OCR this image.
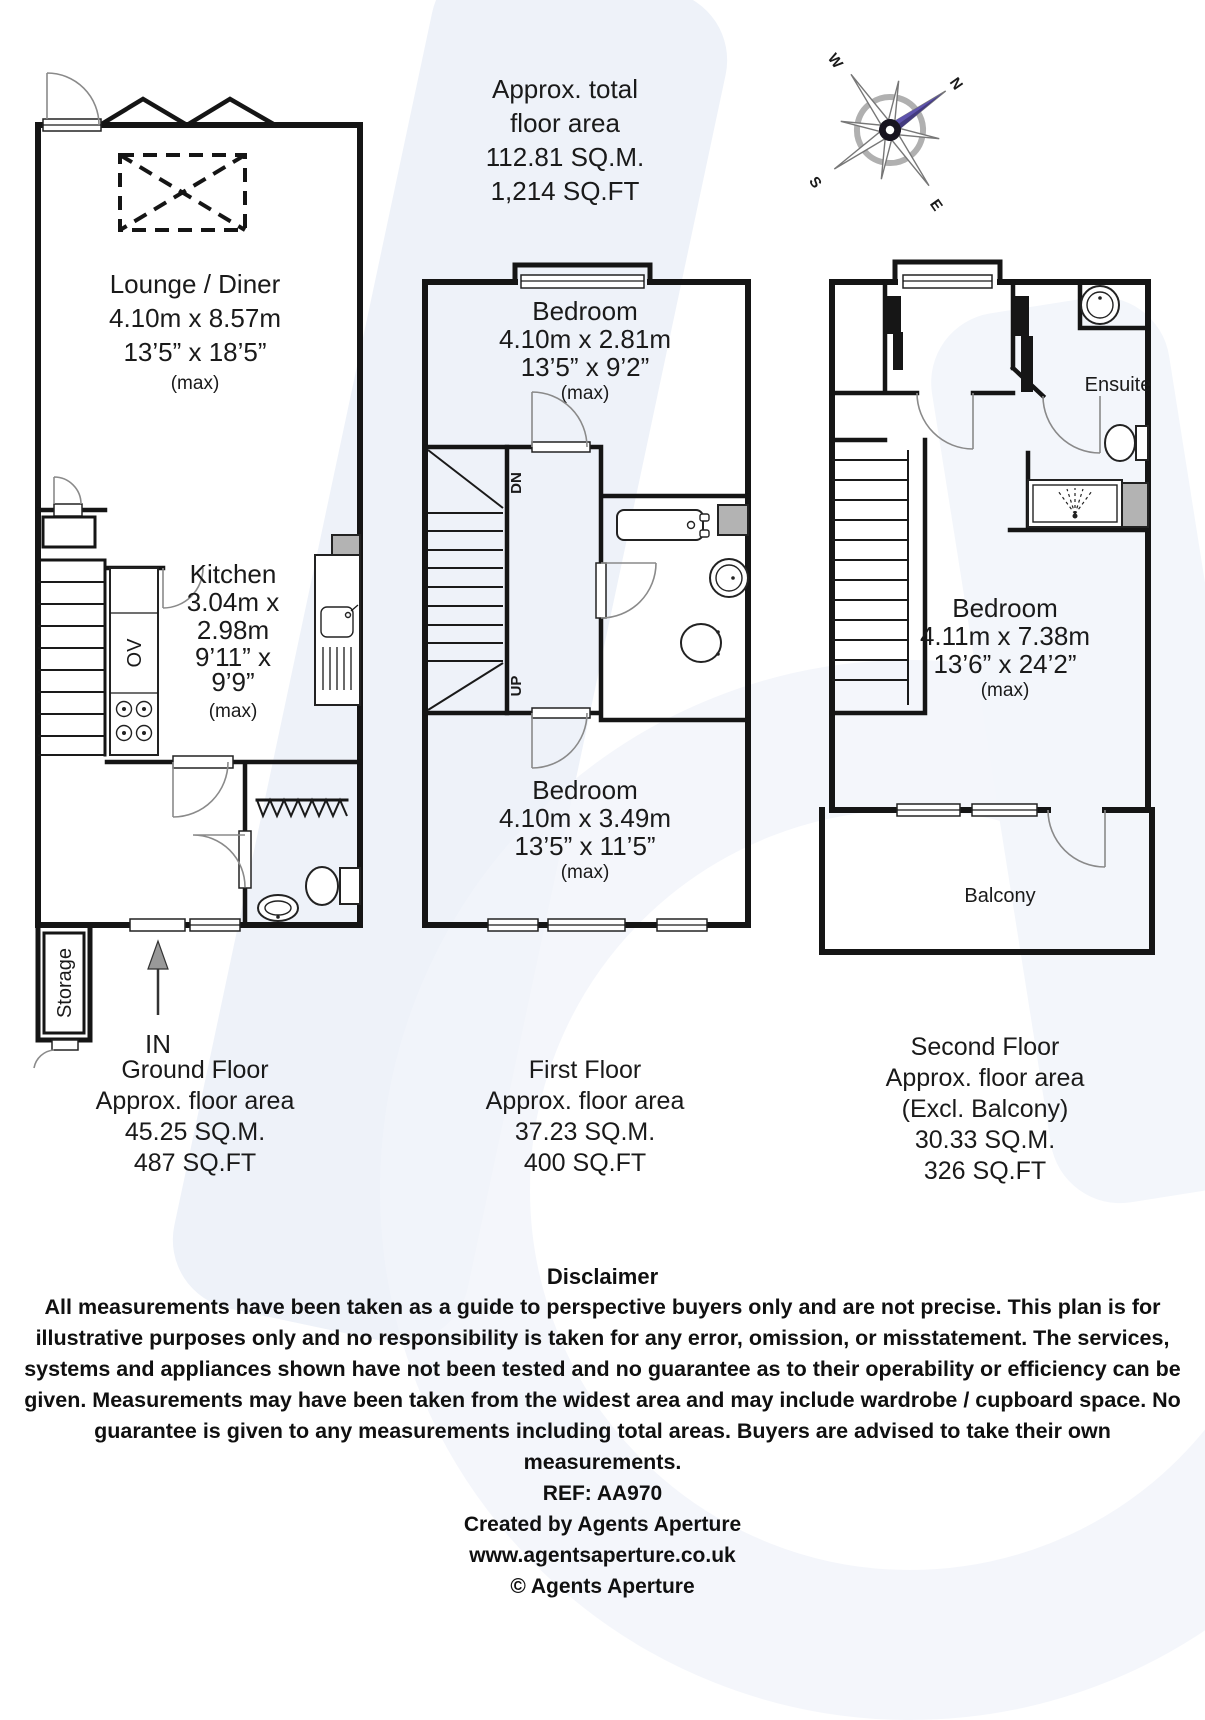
Approx. total
floor area
112.81 SQ.M.
1,214 SQ.FT
N
E
S
W
Lounge / Diner
4.10m x 8.57m
13’5” x 18’5”
(max)
OV
Kitchen
3.04m x
2.98m
9’11” x
9’9”
(max)
IN
Storage
Bedroom
4.10m x 2.81m
13’5” x 9’2”
(max)
DN
UP
Bedroom
4.10m x 3.49m
13’5” x 11’5”
(max)
Ensuite
Bedroom
4.11m x 7.38m
13’6” x 24’2”
(max)
Balcony
Ground Floor
Approx. floor area
45.25 SQ.M.
487 SQ.FT
First Floor
Approx. floor area
37.23 SQ.M.
400 SQ.FT
Second Floor
Approx. floor area
(Excl. Balcony)
30.33 SQ.M.
326 SQ.FT
Disclaimer
All measurements have been taken as a guide to perspective buyers only and are not precise. This plan is for illustrative purposes only and no responsibility is taken for any error, omission, or misstatement. The services, systems and appliances shown have not been tested and no guarantee as to their operability or efficiency can be given. Measurements may have been taken from the widest area and may include wardrobe / cupboard space. No guarantee is given to any measurements including total areas. Buyers are advised to take their own measurements.
REF: AA970
Created by Agents Aperture
www.agentsaperture.co.uk
© Agents Aperture
